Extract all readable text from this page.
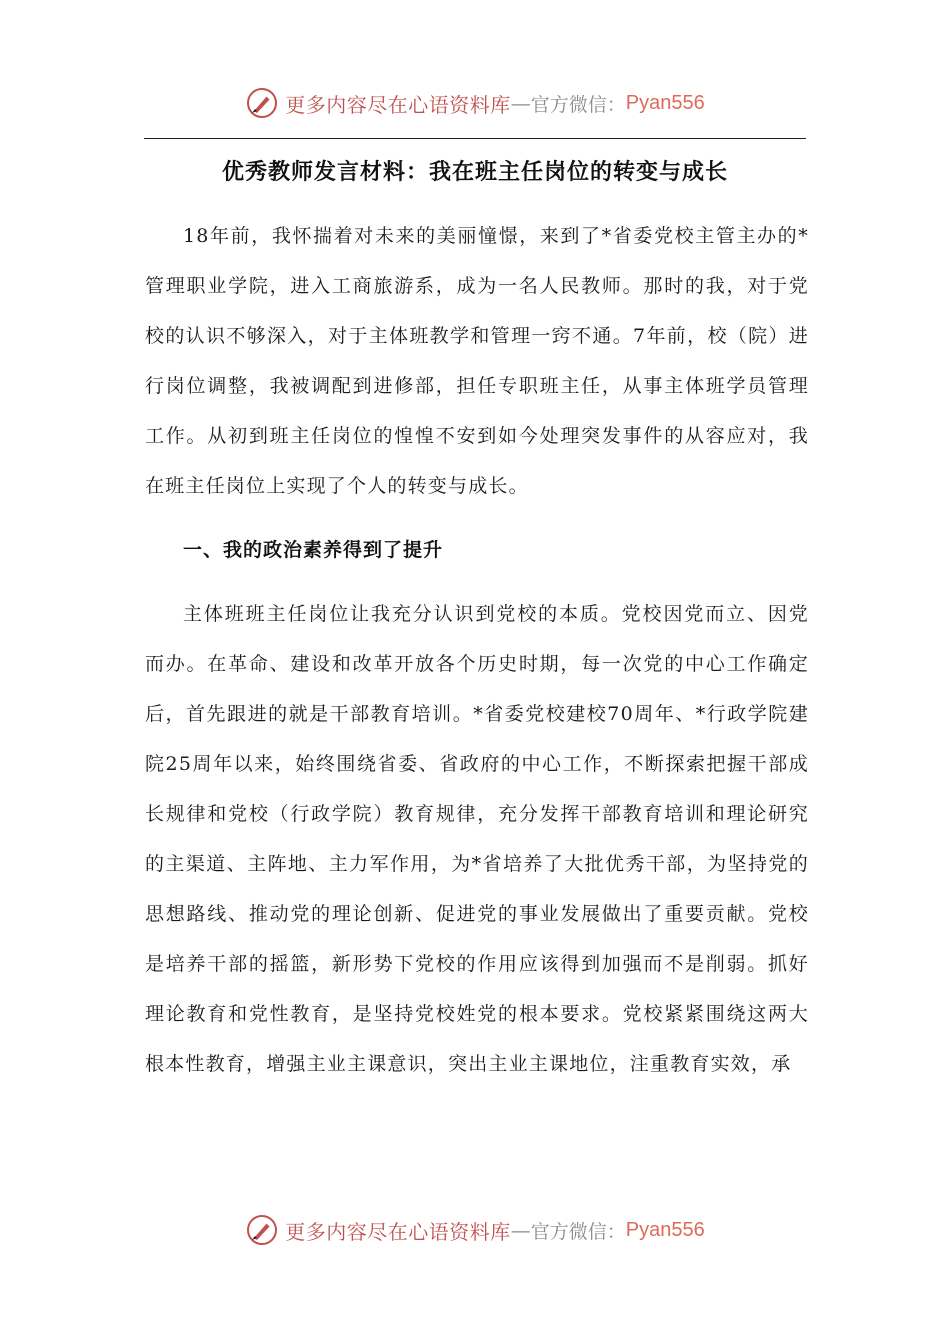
更多内容尽在心语资料库 — 官方微信： Pyan556
优秀教师发言材料：我在班主任岗位的转变与成长

18年前，我怀揣着对未来的美丽憧憬，来到了*省委党校主管主办的*管理职业学院，进入工商旅游系，成为一名人民教师。那时的我，对于党校的认识不够深入，对于主体班教学和管理一窍不通。7年前，校（院）进行岗位调整，我被调配到进修部，担任专职班主任，从事主体班学员管理工作。从初到班主任岗位的惶惶不安到如今处理突发事件的从容应对，我在班主任岗位上实现了个人的转变与成长。

一、我的政治素养得到了提升

主体班班主任岗位让我充分认识到党校的本质。党校因党而立、因党而办。在革命、建设和改革开放各个历史时期，每一次党的中心工作确定后，首先跟进的就是干部教育培训。*省委党校建校70周年、*行政学院建院25周年以来，始终围绕省委、省政府的中心工作，不断探索把握干部成长规律和党校（行政学院）教育规律，充分发挥干部教育培训和理论研究的主渠道、主阵地、主力军作用，为*省培养了大批优秀干部，为坚持党的思想路线、推动党的理论创新、促进党的事业发展做出了重要贡献。党校是培养干部的摇篮，新形势下党校的作用应该得到加强而不是削弱。抓好理论教育和党性教育，是坚持党校姓党的根本要求。党校紧紧围绕这两大根本性教育，增强主业主课意识，突出主业主课地位，注重教育实效，承

更多内容尽在心语资料库 — 官方微信： Pyan556
